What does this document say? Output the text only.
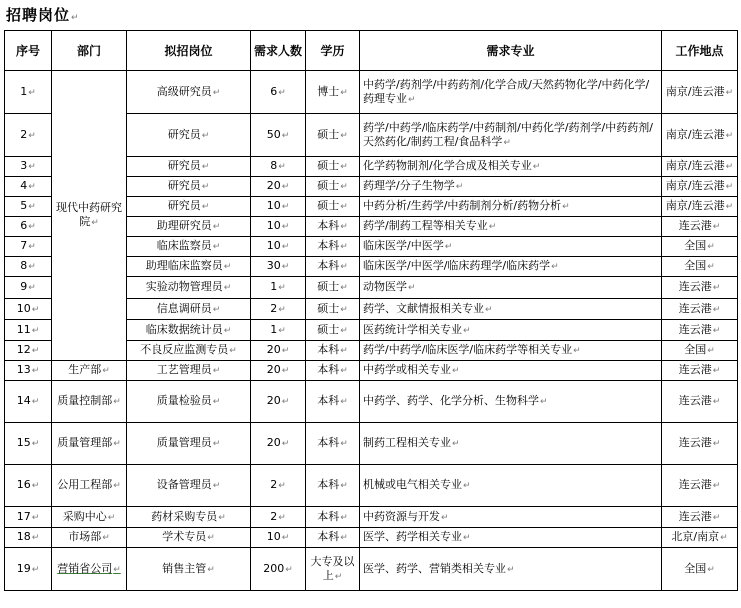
招聘岗位↵
序号	部门	拟招岗位	需求人数	学历	需求专业	工作地点
1↵	现代中药研究院↵	高级研究员↵	6↵	博士↵	中药学/药剂学/中药药剂/化学合成/天然药物化学/中药化学/药理专业↵	南京/连云港↵
2↵		研究员↵	50↵	硕士↵	药学/中药学/临床药学/中药制剂/中药化学/药剂学/中药药剂/天然药化/制药工程/食品科学↵	南京/连云港↵
3↵		研究员↵	8↵	硕士↵	化学药物制剂/化学合成及相关专业↵	南京/连云港↵
4↵		研究员↵	20↵	硕士↵	药理学/分子生物学↵	南京/连云港↵
5↵		研究员↵	10↵	硕士↵	中药分析/生药学/中药制剂分析/药物分析↵	南京/连云港↵
6↵		助理研究员↵	10↵	本科↵	药学/制药工程等相关专业↵	连云港↵
7↵		临床监察员↵	10↵	本科↵	临床医学/中医学↵	全国↵
8↵		助理临床监察员↵	30↵	本科↵	临床医学/中医学/临床药理学/临床药学↵	全国↵
9↵		实验动物管理员↵	1↵	硕士↵	动物医学↵	连云港↵
10↵		信息调研员↵	2↵	硕士↵	药学、文献情报相关专业↵	连云港↵
11↵		临床数据统计员↵	1↵	硕士↵	医药统计学相关专业↵	连云港↵
12↵		不良反应监测专员↵	20↵	本科↵	药学/中药学/临床医学/临床药学等相关专业↵	全国↵
13↵	生产部↵	工艺管理员↵	20↵	本科↵	中药学或相关专业↵	连云港↵
14↵	质量控制部↵	质量检验员↵	20↵	本科↵	中药学、药学、化学分析、生物科学↵	连云港↵
15↵	质量管理部↵	质量管理员↵	20↵	本科↵	制药工程相关专业↵	连云港↵
16↵	公用工程部↵	设备管理员↵	2↵	本科↵	机械或电气相关专业↵	连云港↵
17↵	采购中心↵	药材采购专员↵	2↵	本科↵	中药资源与开发↵	连云港↵
18↵	市场部↵	学术专员↵	10↵	本科↵	医学、药学相关专业↵	北京/南京↵
19↵	营销省公司↵	销售主管↵	200↵	大专及以上↵	医学、药学、营销类相关专业↵	全国↵
